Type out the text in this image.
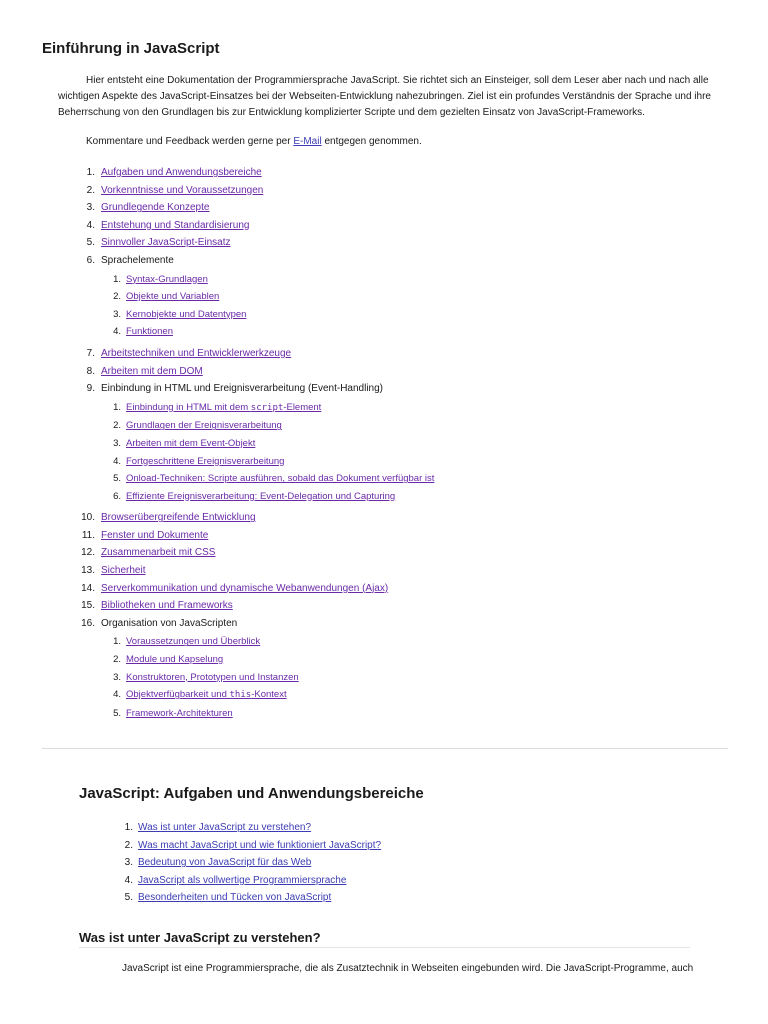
Einführung in JavaScript

Hier entsteht eine Dokumentation der Programmiersprache JavaScript. Sie richtet sich an Einsteiger, soll dem Leser aber nach und nach alle wichtigen Aspekte des JavaScript-Einsatzes bei der Webseiten-Entwicklung nahezubringen. Ziel ist ein profundes Verständnis der Sprache und ihre Beherrschung von den Grundlagen bis zur Entwicklung komplizierter Scripte und dem gezielten Einsatz von JavaScript-Frameworks.

Kommentare und Feedback werden gerne per E-Mail entgegen genommen.

1. Aufgaben und Anwendungsbereiche
2. Vorkenntnisse und Voraussetzungen
3. Grundlegende Konzepte
4. Entstehung und Standardisierung
5. Sinnvoller JavaScript-Einsatz
6. Sprachelemente
1. Syntax-Grundlagen
2. Objekte und Variablen
3. Kernobjekte und Datentypen
4. Funktionen
7. Arbeitstechniken und Entwicklerwerkzeuge
8. Arbeiten mit dem DOM
9. Einbindung in HTML und Ereignisverarbeitung (Event-Handling)
1. Einbindung in HTML mit dem script-Element
2. Grundlagen der Ereignisverarbeitung
3. Arbeiten mit dem Event-Objekt
4. Fortgeschrittene Ereignisverarbeitung
5. Onload-Techniken: Scripte ausführen, sobald das Dokument verfügbar ist
6. Effiziente Ereignisverarbeitung: Event-Delegation und Capturing
10. Browserübergreifende Entwicklung
11. Fenster und Dokumente
12. Zusammenarbeit mit CSS
13. Sicherheit
14. Serverkommunikation und dynamische Webanwendungen (Ajax)
15. Bibliotheken und Frameworks
16. Organisation von JavaScripten
1. Voraussetzungen und Überblick
2. Module und Kapselung
3. Konstruktoren, Prototypen und Instanzen
4. Objektverfügbarkeit und this-Kontext
5. Framework-Architekturen
JavaScript: Aufgaben und Anwendungsbereiche
1. Was ist unter JavaScript zu verstehen?
2. Was macht JavaScript und wie funktioniert JavaScript?
3. Bedeutung von JavaScript für das Web
4. JavaScript als vollwertige Programmiersprache
5. Besonderheiten und Tücken von JavaScript
Was ist unter JavaScript zu verstehen?

JavaScript ist eine Programmiersprache, die als Zusatztechnik in Webseiten eingebunden wird. Die JavaScript-Programme, auch
